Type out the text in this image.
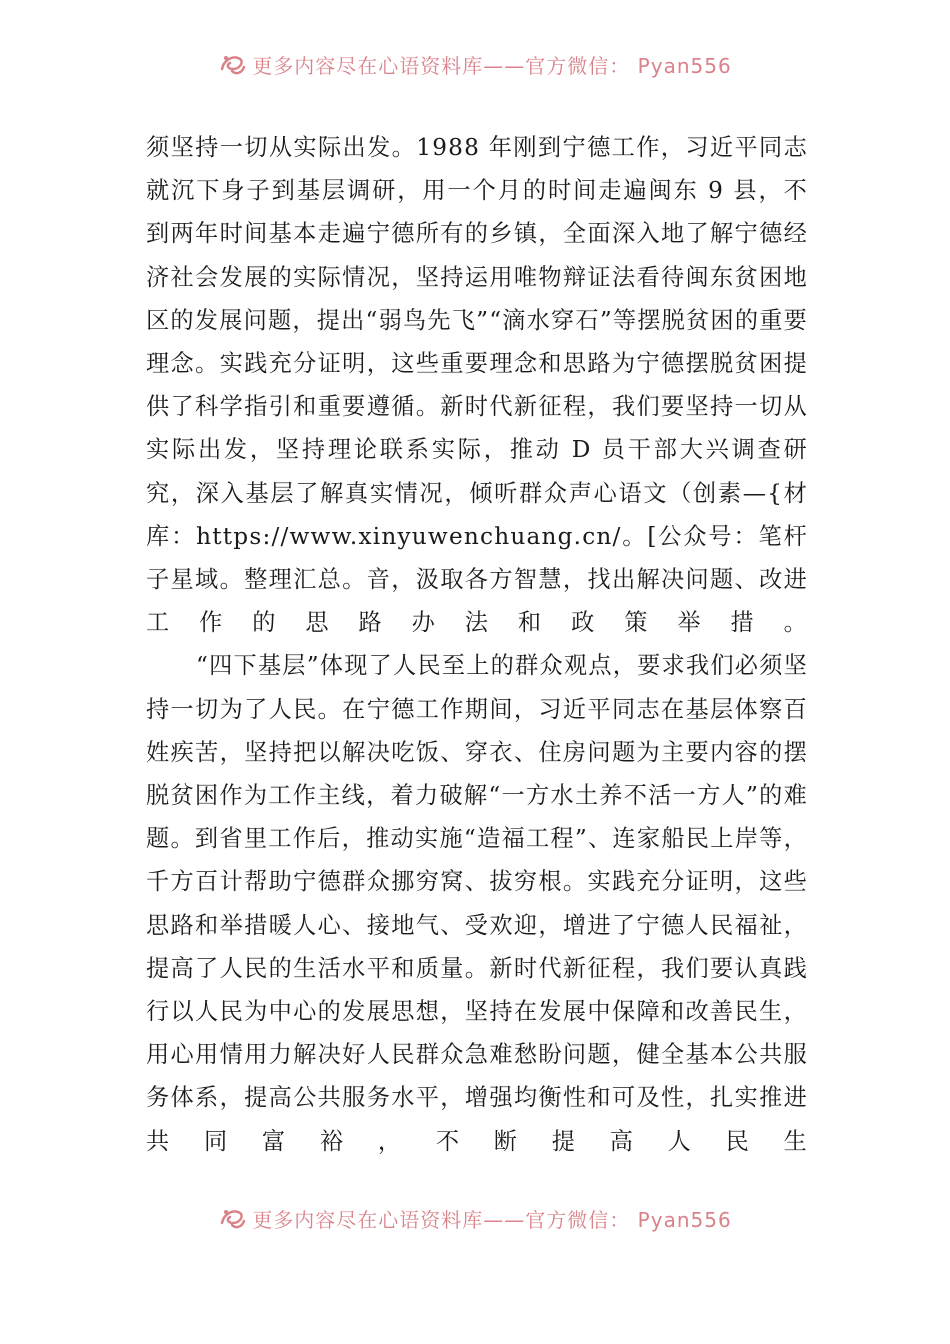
更多内容尽在心语资料库——官方微信： Pyan556

须坚持一切从实际出发。1988 年刚到宁德工作，习近平同志就沉下身子到基层调研，用一个月的时间走遍闽东 9 县，不到两年时间基本走遍宁德所有的乡镇，全面深入地了解宁德经济社会发展的实际情况，坚持运用唯物辩证法看待闽东贫困地区的发展问题，提出“弱鸟先飞”“滴水穿石”等摆脱贫困的重要理念。实践充分证明，这些重要理念和思路为宁德摆脱贫困提供了科学指引和重要遵循。新时代新征程，我们要坚持一切从实际出发，坚持理论联系实际，推动 D 员干部大兴调查研究，深入基层了解真实情况，倾听群众声心语文（创素—{材库：https://www.xinyuwenchuang.cn/。[公众号：笔杆子星域。整理汇总。音，汲取各方智慧，找出解决问题、改进工作的思路办法和政策举措。

“四下基层”体现了人民至上的群众观点，要求我们必须坚持一切为了人民。在宁德工作期间，习近平同志在基层体察百姓疾苦，坚持把以解决吃饭、穿衣、住房问题为主要内容的摆脱贫困作为工作主线，着力破解“一方水土养不活一方人”的难题。到省里工作后，推动实施“造福工程”、连家船民上岸等，千方百计帮助宁德群众挪穷窝、拔穷根。实践充分证明，这些思路和举措暖人心、接地气、受欢迎，增进了宁德人民福祉，提高了人民的生活水平和质量。新时代新征程，我们要认真践行以人民为中心的发展思想，坚持在发展中保障和改善民生，用心用情用力解决好人民群众急难愁盼问题，健全基本公共服务体系，提高公共服务水平，增强均衡性和可及性，扎实推进共同富裕，不断提高人民生

更多内容尽在心语资料库——官方微信： Pyan556
